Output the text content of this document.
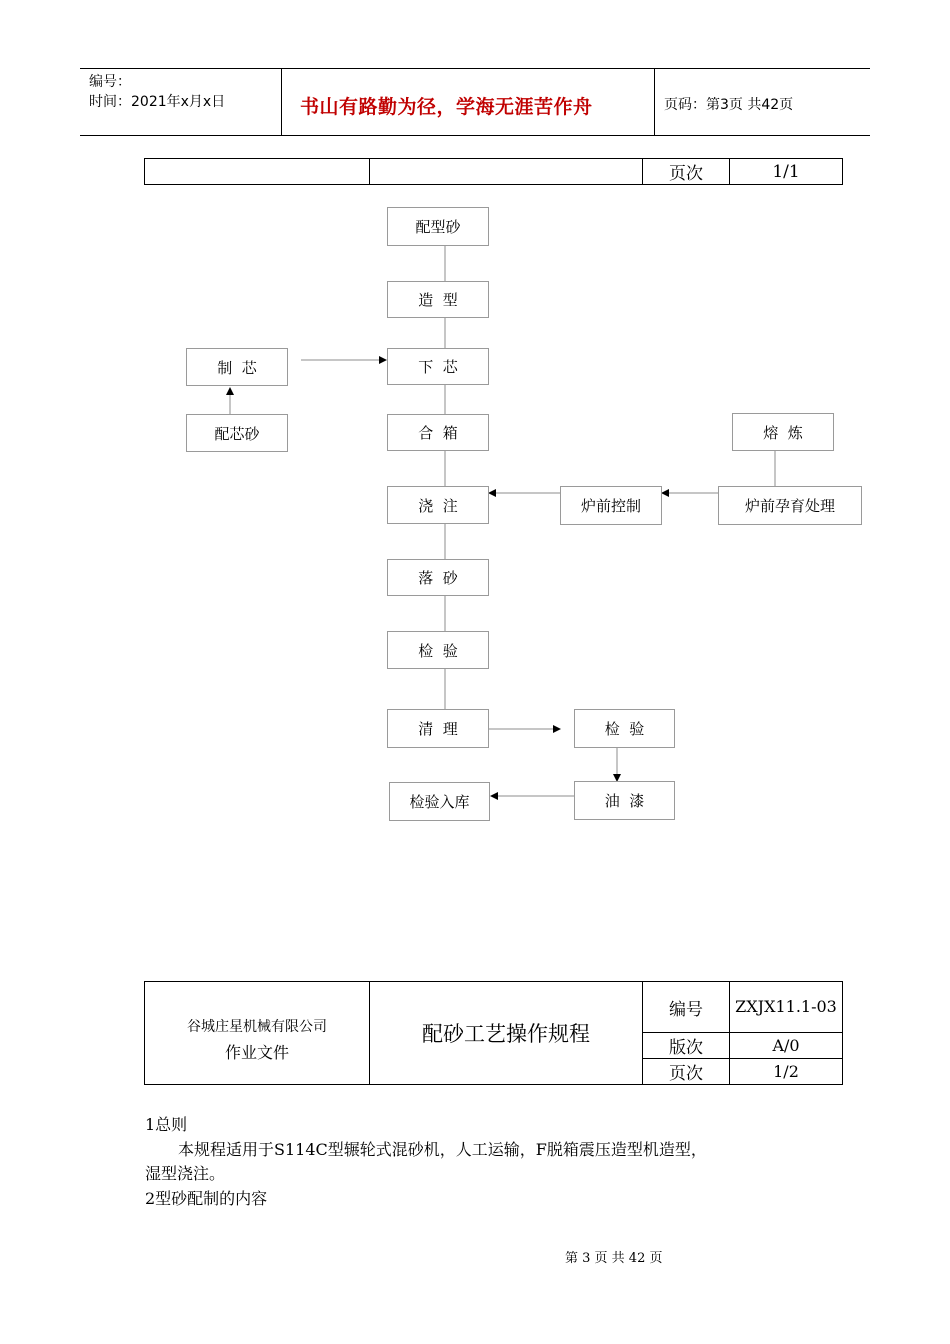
编号：
时间：2021年x月x日	书山有路勤为径，学海无涯苦作舟	页码：第3页 共42页
		页次	1/1
配型砂
造  型
下  芯
合  箱
浇  注
落  砂
检  验
清  理
制  芯
配芯砂	熔  炼
炉前控制	炉前孕育处理
检  验
油  漆
检验入库
谷城庄星机械有限公司
作业文件	配砂工艺操作规程	编号	ZXJX11.1-03
		版次	A/0
		页次	1/2
1总则
本规程适用于S114C型辗轮式混砂机，人工运输，F脱箱震压造型机造型，
湿型浇注。
2型砂配制的内容
第 3 页 共 42 页
